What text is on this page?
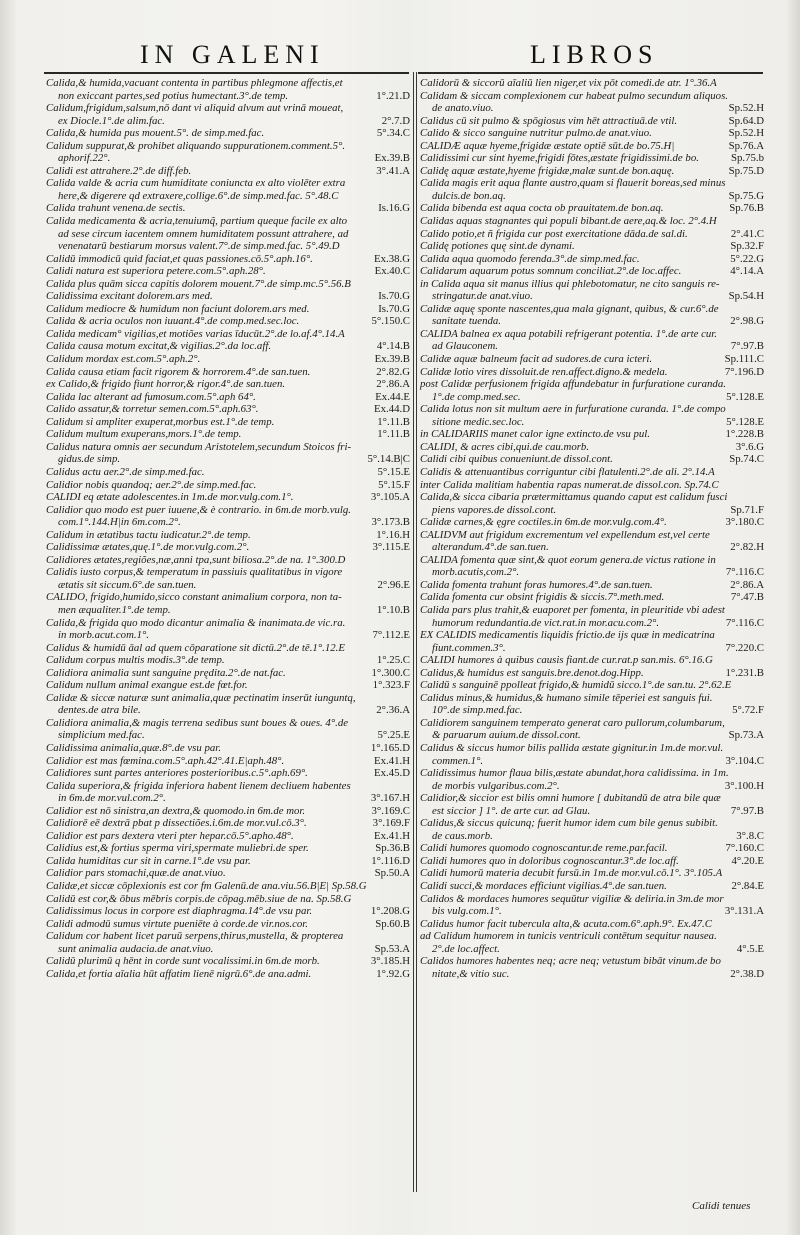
IN GALENI	LIBROS
Calida,& humida,vacuant contenta in partibus phlegmone affectis,et
1°.21.D
non exiccant partes,sed potius humectant.3°.de temp.
Calidum,frigidum,salsum,nō dant vi aliquid alvum aut vrinā moueat,
2°.7.D
ex Diocle.1°.de alim.fac.
5°.34.C
Calida,& humida pus mouent.5°. de simp.med.fac.
Calidum suppurat,& prohibet aliquando suppurationem.comment.5°.
Ex.39.B
aphorif.22°.
3°.41.A
Calidi est attrahere.2°.de diff.feb.
Calida valde & acria cum humiditate coniuncta ex alto violēter extra
here,& digerere qd extraxere,collige.6°.de simp.med.fac. 5°.48.C
Is.16.G
Calida trahunt venena.de sectis.
Calida medicamenta & acria,tenuiumq̃, partium queque facile ex alto
ad sese circum iacentem omnem humiditatem possunt attrahere, ad
venenatarū bestiarum morsus valent.7°.de simp.med.fac. 5°.49.D
Ex.38.G
Calidū immodicū quid faciat,et quas passiones.cō.5°.aph.16°.
Ex.40.C
Calidi natura est superiora petere.com.5°.aph.28°.
Calida plus quām sicca capitis dolorem mouent.7°.de simp.mc.5°.56.B
Is.70.G
Calidissima excitant dolorem.ars med.
Is.70.G
Calidum mediocre & humidum non faciunt dolorem.ars med.
5°.150.C
Calida & acria oculos non iuuant.4°.de comp.med.sec.loc.
Calida medicam° vigilias,et motiões varias īducūt.2°.de lo.af.4°.14.A
4°.14.B
Calida causa motum excitat,& vigilias.2°.da loc.aff.
Ex.39.B
Calidum mordax est.com.5°.aph.2°.
2°.82.G
Calida causa etiam facit rigorem & horrorem.4°.de san.tuen.
2°.86.A
ex Calido,& frigido fiunt horror,& rigor.4°.de san.tuen.
Ex.44.E
Calida lac alterant ad fumosum.com.5°.aph 64°.
Ex.44.D
Calido assatur,& torretur semen.com.5°.aph.63°.
1°.11.B
Calidum si ampliter exuperat,morbus est.1°.de temp.
1°.11.B
Calidum multum exuperans,mors.1°.de temp.
Calidus natura omnis aer secundum Aristotelem,secundum Stoicos fri-
5°.14.B|C
gidus.de simp.
5°.15.E
Calidus actu aer.2°.de simp.med.fac.
5°.15.F
Calidior nobis quandoq; aer.2°.de simp.med.fac.
3°.105.A
CALIDI eq ætate adolescentes.in 1m.de mor.vulg.com.1°.
Calidior quo modo est puer iuuene,& è contrario. in 6m.de morb.vulg.
3°.173.B
com.1°.144.H|in 6m.com.2°.
1°.16.H
Calidum in ætatibus tactu iudicatur.2°.de temp.
3°.115.E
Calidissimæ ætates,quę.1°.de mor.vulg.com.2°.
Calidiores ætates,regiões,næ,anni tpa,sunt biliosa.2°.de na. 1°.300.D
Calidis iusto corpus,& temperatum in passiuis qualitatibus in vigore
2°.96.E
ætatis sit siccum.6°.de san.tuen.
CALIDO, frigido,humido,sicco constant animalium corpora, non ta-
1°.10.B
men æqualiter.1°.de temp.
Calida,& frigida quo modo dicantur animalia & inanimata.de vic.ra.
7°.112.E
in morb.acut.com.1°.
Calidus & humidū āal ad quem cōparatione sit dictū.2°.de tē.1°.12.E
1°.25.C
Calidum corpus multis modis.3°.de temp.
1°.300.C
Calidiora animalia sunt sanguine prędita.2°.de nat.fac.
1°.323.F
Calidum nullum animal exangue est.de fœt.for.
Calidæ & siccæ naturæ sunt animalia,quæ pectinatim inserūt iunguntq,
2°.36.A
dentes.de atra bile.
Calidiora animalia,& magis terrena sedibus sunt boues & oues. 4°.de
5°.25.E
simplicium med.fac.
1°.165.D
Calidissima animalia,quæ.8°.de vsu par.
Ex.41.H
Calidior est mas fœmina.com.5°.aph.42°.41.E|aph.48°.
Ex.45.D
Calidiores sunt partes anteriores posterioribus.c.5°.aph.69°.
Calida superiora,& frigida inferiora habent lienem decliuem habentes
3°.167.H
in 6m.de mor.vul.com.2°.
3°.169.C
Calidior est nō sinistra,an dextra,& quomodo.in 6m.de mor.
3°.169.F
Calidiorē eē dextrā pbat p dissectiões.i.6m.de mor.vul.cō.3°.
Ex.41.H
Calidior est pars dextera vteri pter hepar.cō.5°.apho.48°.
Sp.36.B
Calidius est,& fortius sperma viri,spermate muliebri.de sper.
1°.116.D
Calida humiditas cur sit in carne.1°.de vsu par.
Sp.50.A
Calidior pars stomachi,quæ.de anat.viuo.
Calidæ,et siccæ cōplexionis est cor fm Galenū.de ana.viu.56.B|E| Sp.58.G
Calidū est cor,& ōbus mēbris corpis.de cōpag.mēb.siue de na. Sp.58.G
1°.208.G
Calidissimus locus in corpore est diaphragma.14°.de vsu par.
Sp.60.B
Calidi admodū sumus virtute pueniēte à corde.de vir.nos.cor.
Calidum cor habent licet paruū serpens,thirus,mustella, & propterea
Sp.53.A
sunt animalia audacia.de anat.viuo.
3°.185.H
Calidū plurimū q hēnt in corde sunt vocalissimi.in 6m.de morb.
1°.92.G
Calida,et fortia aīalia hūt affatim lienē nigrū.6°.de ana.admi.
Calidorū & siccorū aīaliū lien niger,et vix pōt comedi.de atr. 1°.36.A
Calidam & siccam complexionem cur habeat pulmo secundum aliquos.
Sp.52.H
de anato.viuo.
Sp.64.D
Calidus cū sit pulmo & spōgiosus vim hēt attractiuā.de vtil.
Sp.52.H
Calido & sicco sanguine nutritur pulmo.de anat.viuo.
Sp.76.A
CALIDÆ aquæ hyeme,frigidæ æstate optiē sūt.de bo.75.H|
Sp.75.b
Calidissimi cur sint hyeme,frigidi fōtes,æstate frigidissimi.de bo.
Sp.75.D
Calidę aquæ æstate,hyeme frigidæ,malæ sunt.de bon.aquę.
Calida magis erit aqua flante austro,quam si flauerit boreas,sed minus
Sp.75.G
dulcis.de bon.aq.
Sp.76.B
Calida bibenda est aqua cocta ob prauitatem.de bon.aq.
Calidas aquas stagnantes qui populi bibant.de aere,aq.& loc. 2°.4.H
2°.41.C
Calido potio,et ñ frigida cur post exercitatione dāda.de sal.di.
Sp.32.F
Calidę potiones quę sint.de dynami.
5°.22.G
Calida aqua quomodo ferenda.3°.de simp.med.fac.
4°.14.A
Calidarum aquarum potus somnum conciliat.2°.de loc.affec.
in Calida aqua sit manus illius qui phlebotomatur, ne cito sanguis re-
Sp.54.H
stringatur.de anat.viuo.
Calidæ aquę sponte nascentes,qua mala gignant, quibus, & cur.6°.de
2°.98.G
sanitate tuenda.
CALIDA balnea ex aqua potabili refrigerant potentia. 1°.de arte cur.
7°.97.B
ad Glauconem.
Sp.111.C
Calidæ aquæ balneum facit ad sudores.de cura icteri.
7°.196.D
Calidæ lotio vires dissoluit.de ren.affect.digno.& medela.
post Calidæ perfusionem frigida affundebatur in furfuratione curanda.
5°.128.E
1°.de comp.med.sec.
Calida lotus non sit multum aere in furfuratione curanda. 1°.de compo
5°.128.E
sitione medic.sec.loc.
1°.228.B
in CALIDARIIS manet calor igne extincto.de vsu pul.
3°.6.G
CALIDI, & acres cibi,qui.de cau.morb.
Sp.74.C
Calidi cibi quibus conueniunt.de dissol.cont.
Calidis & attenuantibus corriguntur cibi flatulenti.2°.de ali. 2°.14.A
inter Calida malitiam habentia rapas numerat.de dissol.con. Sp.74.C
Calida,& sicca cibaria prætermittamus quando caput est calidum fusci
Sp.71.F
piens vapores.de dissol.cont.
3°.180.C
Calidæ carnes,& ęgre coctiles.in 6m.de mor.vulg.com.4°.
CALIDVM aut frigidum excrementum vel expellendum est,vel certe
2°.82.H
alterandum.4°.de san.tuen.
CALIDA fomenta quæ sint,& quot eorum genera.de victus ratione in
7°.116.C
morb.acutis,com.2°.
2°.86.A
Calida fomenta trahunt foras humores.4°.de san.tuen.
7°.47.B
Calida fomenta cur obsint frigidis & siccis.7°.meth.med.
Calida pars plus trahit,& euaporet per fomenta, in pleuritide vbi adest
7°.116.C
humorum redundantia.de vict.rat.in mor.acu.com.2°.
EX CALIDIS medicamentis liquidis frictio.de ijs quæ in medicatrina
7°.220.C
fiunt.commen.3°.
CALIDI humores à quibus causis fiant.de cur.rat.p san.mis. 6°.16.G
1°.231.B
Calidus,& humidus est sanguis.bre.denot.dog.Hipp.
Calidū s sanguinē ppolleat frigido,& humidū sicco.1°.de san.tu. 2°.62.E
Calidus minus,& humidus,& humano simile tēperiei est sanguis fui.
5°.72.F
10°.de simp.med.fac.
Calidiorem sanguinem temperato generat caro pullorum,columbarum,
Sp.73.A
& paruarum auium.de dissol.cont.
Calidus & siccus humor bilis pallida æstate gignitur.in 1m.de mor.vul.
3°.104.C
commen.1°.
Calidissimus humor flaua bilis,æstate abundat,hora calidissima. in 1m.
3°.100.H
de morbis vulgaribus.com.2°.
Calidior,& siccior est bilis omni humore [ dubitandū de atra bile quæ
7°.97.B
est siccior ] 1°. de arte cur. ad Glau.
Calidus,& siccus quicunq; fuerit humor idem cum bile genus subibit.
3°.8.C
de caus.morb.
7°.160.C
Calidi humores quomodo cognoscantur.de reme.par.facil.
4°.20.E
Calidi humores quo in doloribus cognoscantur.3°.de loc.aff.
Calidi humorū materia decubit fursū.in 1m.de mor.vul.cō.1°. 3°.105.A
2°.84.E
Calidi succi,& mordaces efficiunt vigilias.4°.de san.tuen.
Calidos & mordaces humores sequūtur vigiliæ & deliria.in 3m.de mor
3°.131.A
bis vulg.com.1°.
Calidus humor facit tubercula alta,& acuta.com.6°.aph.9°. Ex.47.C
ad Calidum humorem in tunicis ventriculi contētum sequitur nausea.
4°.5.E
2°.de loc.affect.
Calidos humores habentes neq; acre neq; vetustum bibāt vinum.de bo
2°.38.D
nitate,& vitio suc.
Calidi tenues
